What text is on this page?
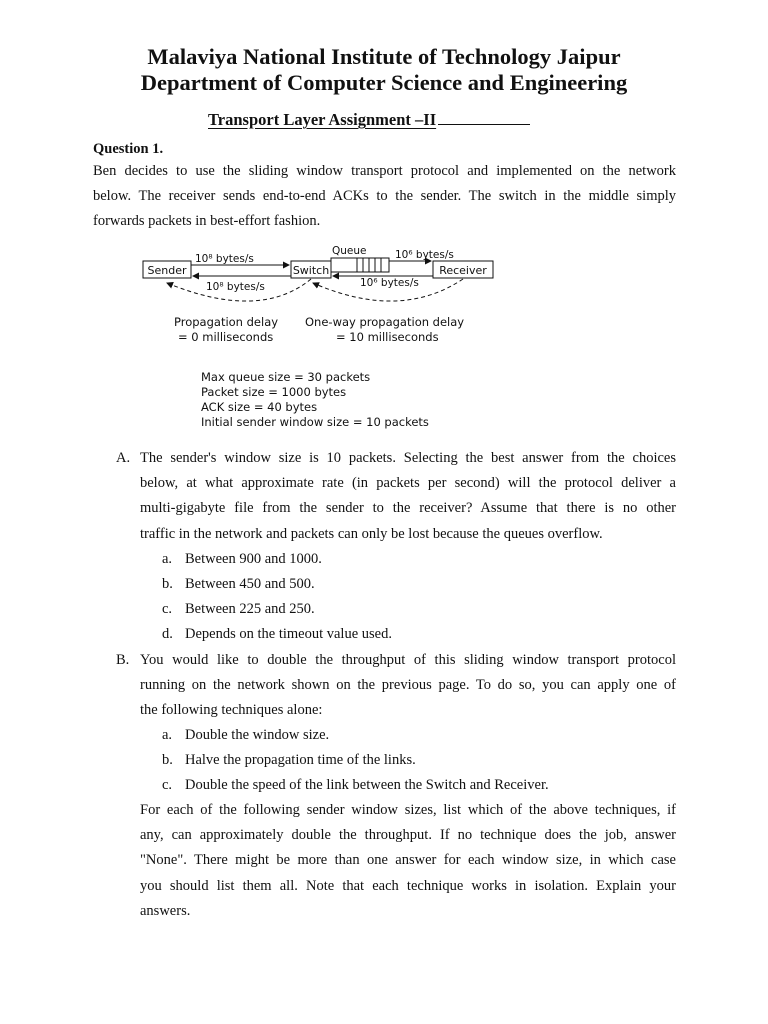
Malaviya National Institute of Technology Jaipur
Department of Computer Science and Engineering
Transport Layer Assignment –II
Question 1.
Ben decides to use the sliding window transport protocol and implemented on the network
below. The receiver sends end-to-end ACKs to the sender. The switch in the middle simply
forwards packets in best-effort fashion.
Sender	Switch	Receiver
10⁸ bytes/s
10⁸ bytes/s
Queue	10⁶ bytes/s
10⁶ bytes/s
Propagation delay
= 0 milliseconds
One-way propagation delay
= 10 milliseconds
Max queue size = 30 packets
Packet size = 1000 bytes
ACK size = 40 bytes
Initial sender window size = 10 packets
A. The sender's window size is 10 packets. Selecting the best answer from the choices
below, at what approximate rate (in packets per second) will the protocol deliver a
multi-gigabyte file from the sender to the receiver? Assume that there is no other
traffic in the network and packets can only be lost because the queues overflow.
a. Between 900 and 1000.
b. Between 450 and 500.
c. Between 225 and 250.
d. Depends on the timeout value used.
B. You would like to double the throughput of this sliding window transport protocol
running on the network shown on the previous page. To do so, you can apply one of
the following techniques alone:
a. Double the window size.
b. Halve the propagation time of the links.
c. Double the speed of the link between the Switch and Receiver.
For each of the following sender window sizes, list which of the above techniques, if
any, can approximately double the throughput. If no technique does the job, answer
"None". There might be more than one answer for each window size, in which case
you should list them all. Note that each technique works in isolation. Explain your
answers.
